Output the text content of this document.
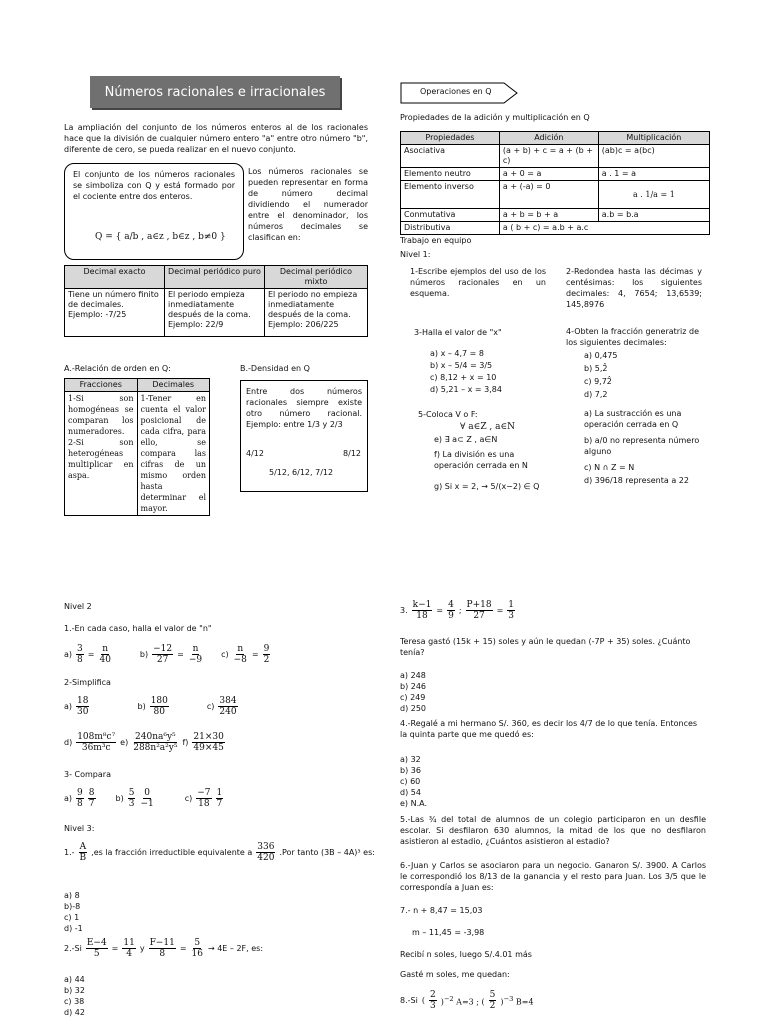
Números racionales e irracionales	Operaciones en Q
La ampliación del conjunto de los números enteros al de los racionales hace que la división de cualquier número entero "a" entre otro número "b", diferente de cero, se pueda realizar en el nuevo conjunto.
El conjunto de los números racionales se simboliza con Q y está formado por el cociente entre dos enteros.
Q = { a/b , a∈z , b∈z , b≠0 }
Los números racionales se pueden representar en forma de número decimal dividiendo el numerador entre el denominador, los números decimales se clasifican en:
Decimal exacto	Decimal periódico puro	Decimal periódico mixto
Tiene un número finito de decimales. Ejemplo: -7/25	El periodo empieza inmediatamente después de la coma. Ejemplo: 22/9	El periodo no empieza inmediatamente después de la coma. Ejemplo: 206/225
A.-Relación de orden en Q:
Fracciones	Decimales
1-Si son homogéneas se comparan los numeradores. 2-Si son heterogéneas multiplicar en aspa.	1-Tener en cuenta el valor posicional de cada cifra, para ello, se compara las cifras de un mismo orden hasta determinar el mayor.
B.-Densidad en Q
Entre dos números racionales siempre existe otro número racional. Ejemplo: entre 1/3 y 2/3
4/12	8/12
5/12, 6/12, 7/12
Propiedades de la adición y multiplicación en Q
Propiedades	Adición	Multiplicación
Asociativa	(a + b) + c = a + (b + c)	(ab)c = a(bc)
Elemento neutro	a + 0 = a	a . 1 = a
Elemento inverso	a + (-a) = 0	a . 1/a = 1
Conmutativa	a + b = b + a	a.b = b.a
Distributiva	a ( b + c) = a.b + a.c	
Trabajo en equipo
Nivel 1:
1-Escribe ejemplos del uso de los números racionales en un esquema.
2-Redondea hasta las décimas y centésimas: los siguientes decimales: 4, 7654; 13,6539; 145,8976
3-Halla el valor de "x"
a) x – 4,7 = 8
b) x – 5/4 = 3/5
c) 8,12 + x = 10
d) 5,21 – x = 3,84
4-Obten la fracción generatriz de los siguientes decimales:
a) 0,475
b) 5,2̂
c) 9,72̂
d) 7,2
5-Coloca V o F:
∀ a∈Z , a∈N
e) ∃ a⊂ Z , a∈N
f) La división es una operación cerrada en N
g) Si x = 2, → 5/(x−2) ∈ Q
a) La sustracción es una operación cerrada en Q
b) a/0 no representa número alguno
c) N ∩ Z = N
d) 396/18 representa a 22
Nivel 2
1.-En cada caso, halla el valor de "n"
$a) \frac{3}{8} = \frac{n}{40}$	$b) \frac{-12}{27} = \frac{n}{-9} c) \frac{n}{-8} = \frac{9}{2}$
2-Simplifica
$a) \frac{18}{30}$	$b) \frac{180}{80}$	$c) \frac{384}{240}$
$d) \frac{\text{108m⁸c⁷}}{\text{36m³c}} e) \frac{\text{240na⁶y⁵}}{\text{288n²a²y⁵}} f) \frac{21\times 30}{49\times 45}$
3- Compara
$a) \frac{9}{8} \frac{8}{7}$	$b) \frac{5}{3} \frac{0}{-1}$	$c) \frac{-7}{18} \frac{1}{7}$
Nivel 3:
$1.- \frac{A}{B} ,es$ la fracción irreductible equivalente a $\frac{336}{420} .Por$ tanto (3B – 4A)³ es:
a) 8
b)-8
c) 1
d) -1
$2.-Si \frac{E-4}{5} = \frac{11}{4}$ y $\frac{F-11}{8} = \frac{5}{16} \to 4E - 2F$, es:
a) 44
b) 32
c) 38
d) 42
3. $\frac{k-1}{18} = \frac{4}{9}$ ; $\frac{P+18}{27} = \frac{1}{3}$
Teresa gastó (15k + 15) soles y aún le quedan (-7P + 35) soles. ¿Cuánto tenía?
a) 248
b) 246
c) 249
d) 250
4.-Regalé a mi hermano S/. 360, es decir los 4/7 de lo que tenía. Entonces la quinta parte que me quedó es:
a) 32
b) 36
c) 60
d) 54
e) N.A.
5.-Las ¾ del total de alumnos de un colegio participaron en un desfile escolar. Si desfilaron 630 alumnos, la mitad de los que no desfilaron asistieron al estadio, ¿Cuántos asistieron al estadio?
6.-Juan y Carlos se asociaron para un negocio. Ganaron S/. 3900. A Carlos le correspondió los 8/13 de la ganancia y el resto para Juan. Los 3/5 que le correspondía a Juan es:
7.- n + 8,47 = 15,03
m – 11,45 = -3,98
Recibí n soles, luego S/.4.01 más
Gasté m soles, me quedan:
8.-Si ( $\frac{2}{3} )^{-2}$ A=3 ; ( $\frac{5}{2} )^{-3}$ B=4
